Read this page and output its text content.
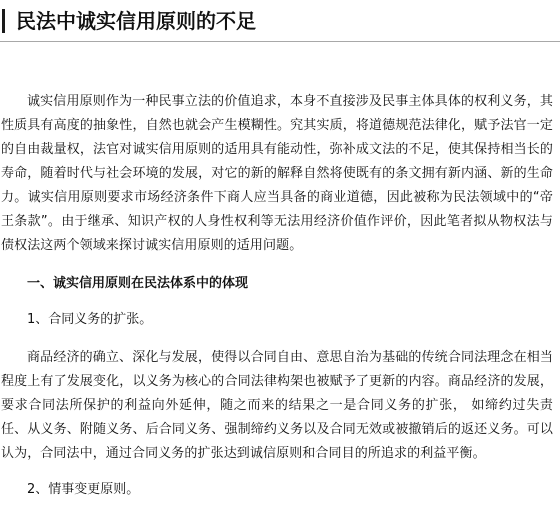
民法中诚实信用原则的不足

诚实信用原则作为一种民事立法的价值追求，本身不直接涉及民事主体具体的权利义务，其性质具有高度的抽象性，自然也就会产生模糊性。究其实质，将道德规范法律化，赋予法官一定的自由裁量权，法官对诚实信用原则的适用具有能动性，弥补成文法的不足，使其保持相当长的寿命，随着时代与社会环境的发展，对它的新的解释自然将使既有的条文拥有新内涵、新的生命力。诚实信用原则要求市场经济条件下商人应当具备的商业道德，因此被称为民法领域中的“帝王条款”。由于继承、知识产权的人身性权利等无法用经济价值作评价，因此笔者拟从物权法与债权法这两个领域来探讨诚实信用原则的适用问题。

一、诚实信用原则在民法体系中的体现

1、合同义务的扩张。

商品经济的确立、深化与发展，使得以合同自由、意思自治为基础的传统合同法理念在相当程度上有了发展变化，以义务为核心的合同法律构架也被赋予了更新的内容。商品经济的发展，要求合同法所保护的利益向外延伸，随之而来的结果之一是合同义务的扩张， 如缔约过失责任、从义务、附随义务、后合同义务、强制缔约义务以及合同无效或被撤销后的返还义务。可以认为，合同法中，通过合同义务的扩张达到诚信原则和合同目的所追求的利益平衡。

2、情事变更原则。
